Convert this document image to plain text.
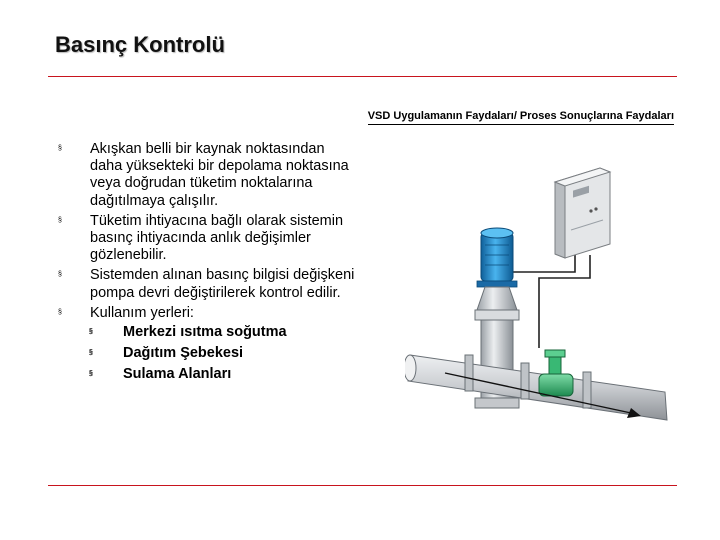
Basınç Kontrolü
VSD Uygulamanın Faydaları/ Proses Sonuçlarına Faydaları
§ Akışkan belli bir kaynak noktasından daha yüksekteki bir depolama noktasına veya doğrudan tüketim noktalarına dağıtılmaya çalışılır.
§ Tüketim ihtiyacına bağlı olarak sistemin basınç ihtiyacında anlık değişimler gözlenebilir.
§ Sistemden alınan basınç bilgisi değişkeni pompa devri değiştirilerek kontrol edilir.
§ Kullanım yerleri:
§ Merkezi ısıtma soğutma
§ Dağıtım Şebekesi
§ Sulama Alanları
